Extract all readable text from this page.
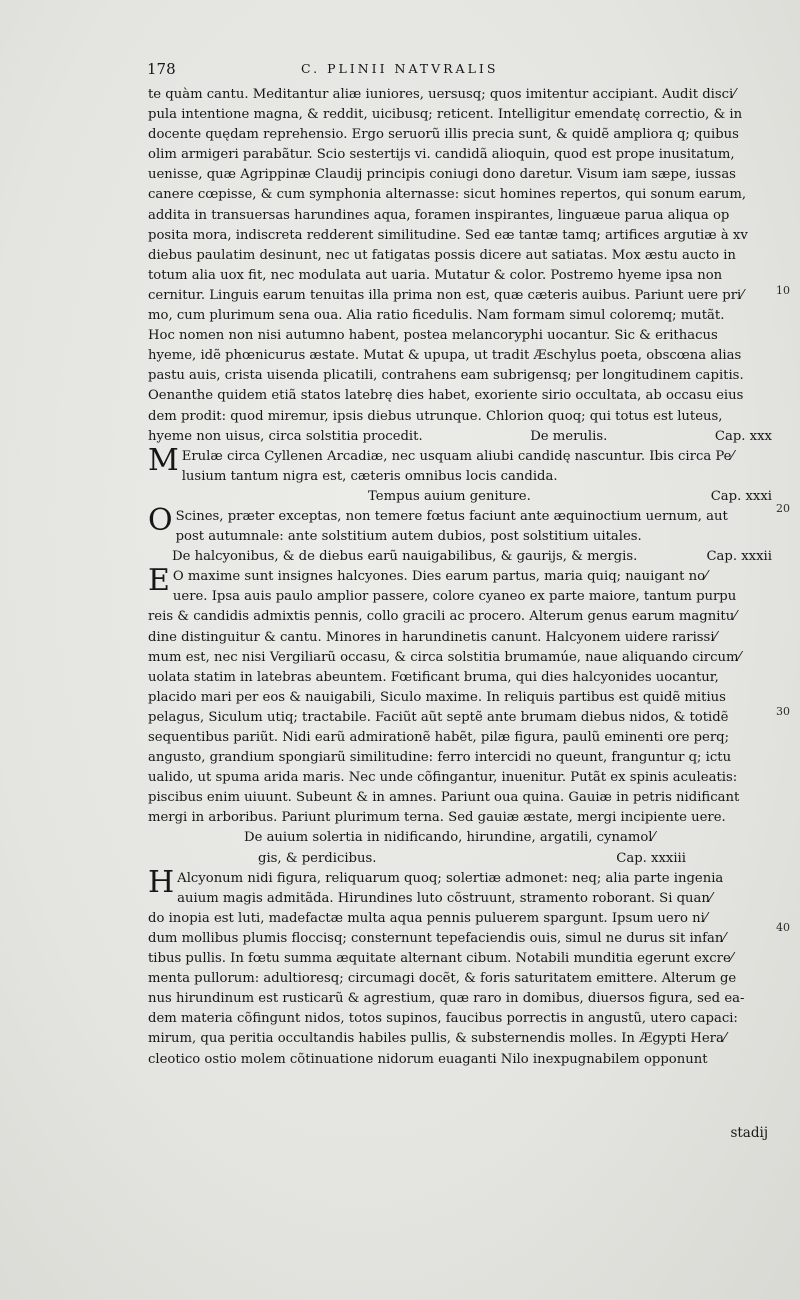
178	C. PLINII NATVRALIS
te quàm cantu. Meditantur aliæ iuniores, uersusq; quos imitentur accipiant. Audit disci⁄
pula intentione magna, & reddit, uicibusq; reticent. Intelligitur emendatę correctio, & in
docente quędam reprehensio. Ergo seruorũ illis precia sunt, & quidẽ ampliora q; quibus
olim armigeri parabãtur. Scio sestertijs vi. candidã alioquin, quod est prope inusitatum,
uenisse, quæ Agrippinæ Claudij principis coniugi dono daretur. Visum iam sæpe, iussas
canere cœpisse, & cum symphonia alternasse: sicut homines repertos, qui sonum earum,
addita in transuersas harundines aqua, foramen inspirantes, linguæue parua aliqua op
posita mora, indiscreta redderent similitudine. Sed eæ tantæ tamq; artifices argutiæ à xv
diebus paulatim desinunt, nec ut fatigatas possis dicere aut satiatas. Mox æstu aucto in
totum alia uox fit, nec modulata aut uaria. Mutatur & color. Postremo hyeme ipsa non
cernitur. Linguis earum tenuitas illa prima non est, quæ cæteris auibus. Pariunt uere pri⁄
mo, cum plurimum sena oua. Alia ratio ficedulis. Nam formam simul coloremq; mutãt.
Hoc nomen non nisi autumno habent, postea melancoryphi uocantur. Sic & erithacus
hyeme, idẽ phœnicurus æstate. Mutat & upupa, ut tradit Æschylus poeta, obscœna alias
pastu auis, crista uisenda plicatili, contrahens eam subrigensq; per longitudinem capitis.
Oenanthe quidem etiã statos latebrę dies habet, exoriente sirio occultata, ab occasu eius
dem prodit: quod miremur, ipsis diebus utrunque. Chlorion quoq; qui totus est luteus,
hyeme non uisus, circa solstitia procedit.	De merulis.	Cap. xxx
M Erulæ circa Cyllenen Arcadiæ, nec usquam aliubi candidę nascuntur. Ibis circa Pe⁄
lusium tantum nigra est, cæteris omnibus locis candida.
Tempus auium geniture.	Cap. xxxi
O Scines, præter exceptas, non temere fœtus faciunt ante æquinoctium uernum, aut
post autumnale: ante solstitium autem dubios, post solstitium uitales.
De halcyonibus, & de diebus earũ nauigabilibus, & gaurijs, & mergis.	Cap. xxxii
E O maxime sunt insignes halcyones. Dies earum partus, maria quiq; nauigant no⁄
uere. Ipsa auis paulo amplior passere, colore cyaneo ex parte maiore, tantum purpu
reis & candidis admixtis pennis, collo gracili ac procero. Alterum genus earum magnitu⁄
dine distinguitur & cantu. Minores in harundinetis canunt. Halcyonem uidere rarissi⁄
mum est, nec nisi Vergiliarũ occasu, & circa solstitia brumamúe, naue aliquando circum⁄
uolata statim in latebras abeuntem. Fœtificant bruma, qui dies halcyonides uocantur,
placido mari per eos & nauigabili, Siculo maxime. In reliquis partibus est quidẽ mitius
pelagus, Siculum utiq; tractabile. Faciũt aũt septẽ ante brumam diebus nidos, & totidẽ
sequentibus pariũt. Nidi earũ admirationẽ habẽt, pilæ figura, paulũ eminenti ore perq;
angusto, grandium spongiarũ similitudine: ferro intercidi no queunt, franguntur q; ictu
ualido, ut spuma arida maris. Nec unde cõfingantur, inuenitur. Putãt ex spinis aculeatis:
piscibus enim uiuunt. Subeunt & in amnes. Pariunt oua quina. Gauiæ in petris nidificant
mergi in arboribus. Pariunt plurimum terna. Sed gauiæ æstate, mergi incipiente uere.
De auium solertia in nidificando, hirundine, argatili, cynamol⁄
gis, & perdicibus.	Cap. xxxiii
H Alcyonum nidi figura, reliquarum quoq; solertiæ admonet: neq; alia parte ingenia
auium magis admitãda. Hirundines luto cõstruunt, stramento roborant. Si quan⁄
do inopia est luti, madefactæ multa aqua pennis puluerem spargunt. Ipsum uero ni⁄
dum mollibus plumis floccisq; consternunt tepefaciendis ouis, simul ne durus sit infan⁄
tibus pullis. In fœtu summa æquitate alternant cibum. Notabili munditia egerunt excre⁄
menta pullorum: adultioresq; circumagi docẽt, & foris saturitatem emittere. Alterum ge
nus hirundinum est rusticarũ & agrestium, quæ raro in domibus, diuersos figura, sed ea-
dem materia cõfingunt nidos, totos supinos, faucibus porrectis in angustũ, utero capaci:
mirum, qua peritia occultandis habiles pullis, & substernendis molles. In Ægypti Hera⁄
cleotico ostio molem cõtinuatione nidorum euaganti Nilo inexpugnabilem opponunt
stadij
10
20
30
40
